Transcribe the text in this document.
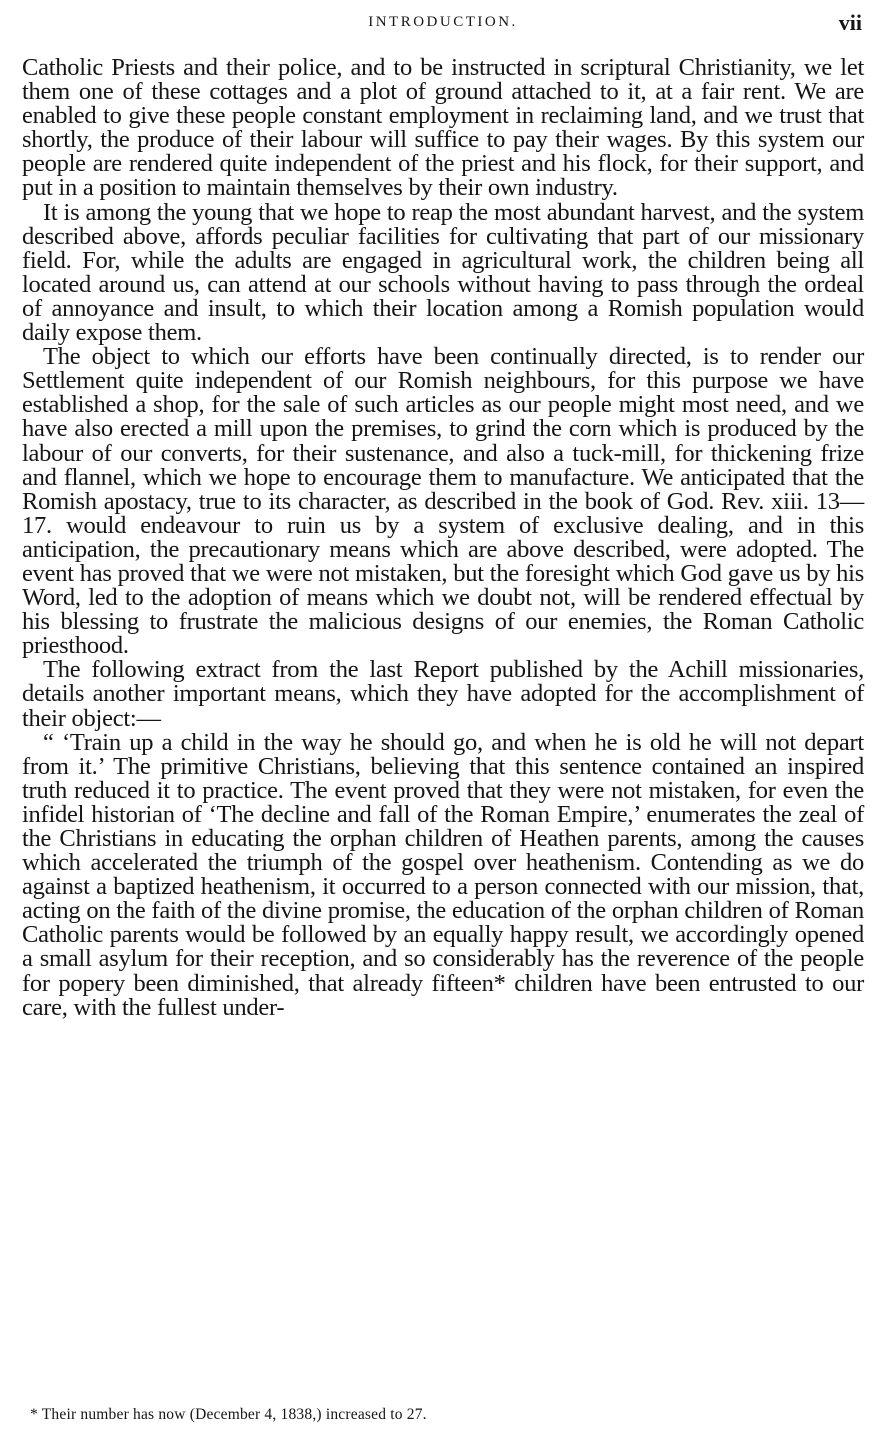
INTRODUCTION.	vii

Catholic Priests and their police, and to be instructed in scriptural Christianity, we let them one of these cottages and a plot of ground attached to it, at a fair rent. We are enabled to give these people constant employment in reclaiming land, and we trust that shortly, the produce of their labour will suffice to pay their wages. By this system our people are rendered quite independent of the priest and his flock, for their support, and put in a position to maintain themselves by their own industry.

It is among the young that we hope to reap the most abundant harvest, and the system described above, affords peculiar facilities for cultivating that part of our missionary field. For, while the adults are engaged in agricultural work, the children being all located around us, can attend at our schools without having to pass through the ordeal of annoyance and insult, to which their location among a Romish population would daily expose them.

The object to which our efforts have been continually directed, is to render our Settlement quite independent of our Romish neighbours, for this purpose we have established a shop, for the sale of such articles as our people might most need, and we have also erected a mill upon the premises, to grind the corn which is produced by the labour of our converts, for their sustenance, and also a tuck-mill, for thickening frize and flannel, which we hope to encourage them to manufacture. We anticipated that the Romish apostacy, true to its character, as described in the book of God. Rev. xiii. 13—17. would endeavour to ruin us by a system of exclusive dealing, and in this anticipation, the precautionary means which are above described, were adopted. The event has proved that we were not mistaken, but the foresight which God gave us by his Word, led to the adoption of means which we doubt not, will be rendered effectual by his blessing to frustrate the malicious designs of our enemies, the Roman Catholic priesthood.

The following extract from the last Report published by the Achill missionaries, details another important means, which they have adopted for the accomplishment of their object:—

“ ‘Train up a child in the way he should go, and when he is old he will not depart from it.’ The primitive Christians, believing that this sentence contained an inspired truth reduced it to practice. The event proved that they were not mistaken, for even the infidel historian of ‘The decline and fall of the Roman Empire,’ enumerates the zeal of the Christians in educating the orphan children of Heathen parents, among the causes which accelerated the triumph of the gospel over heathenism. Contending as we do against a baptized heathenism, it occurred to a person connected with our mission, that, acting on the faith of the divine promise, the education of the orphan children of Roman Catholic parents would be followed by an equally happy result, we accordingly opened a small asylum for their reception, and so considerably has the reverence of the people for popery been diminished, that already fifteen* children have been entrusted to our care, with the fullest under-

* Their number has now (December 4, 1838,) increased to 27.
